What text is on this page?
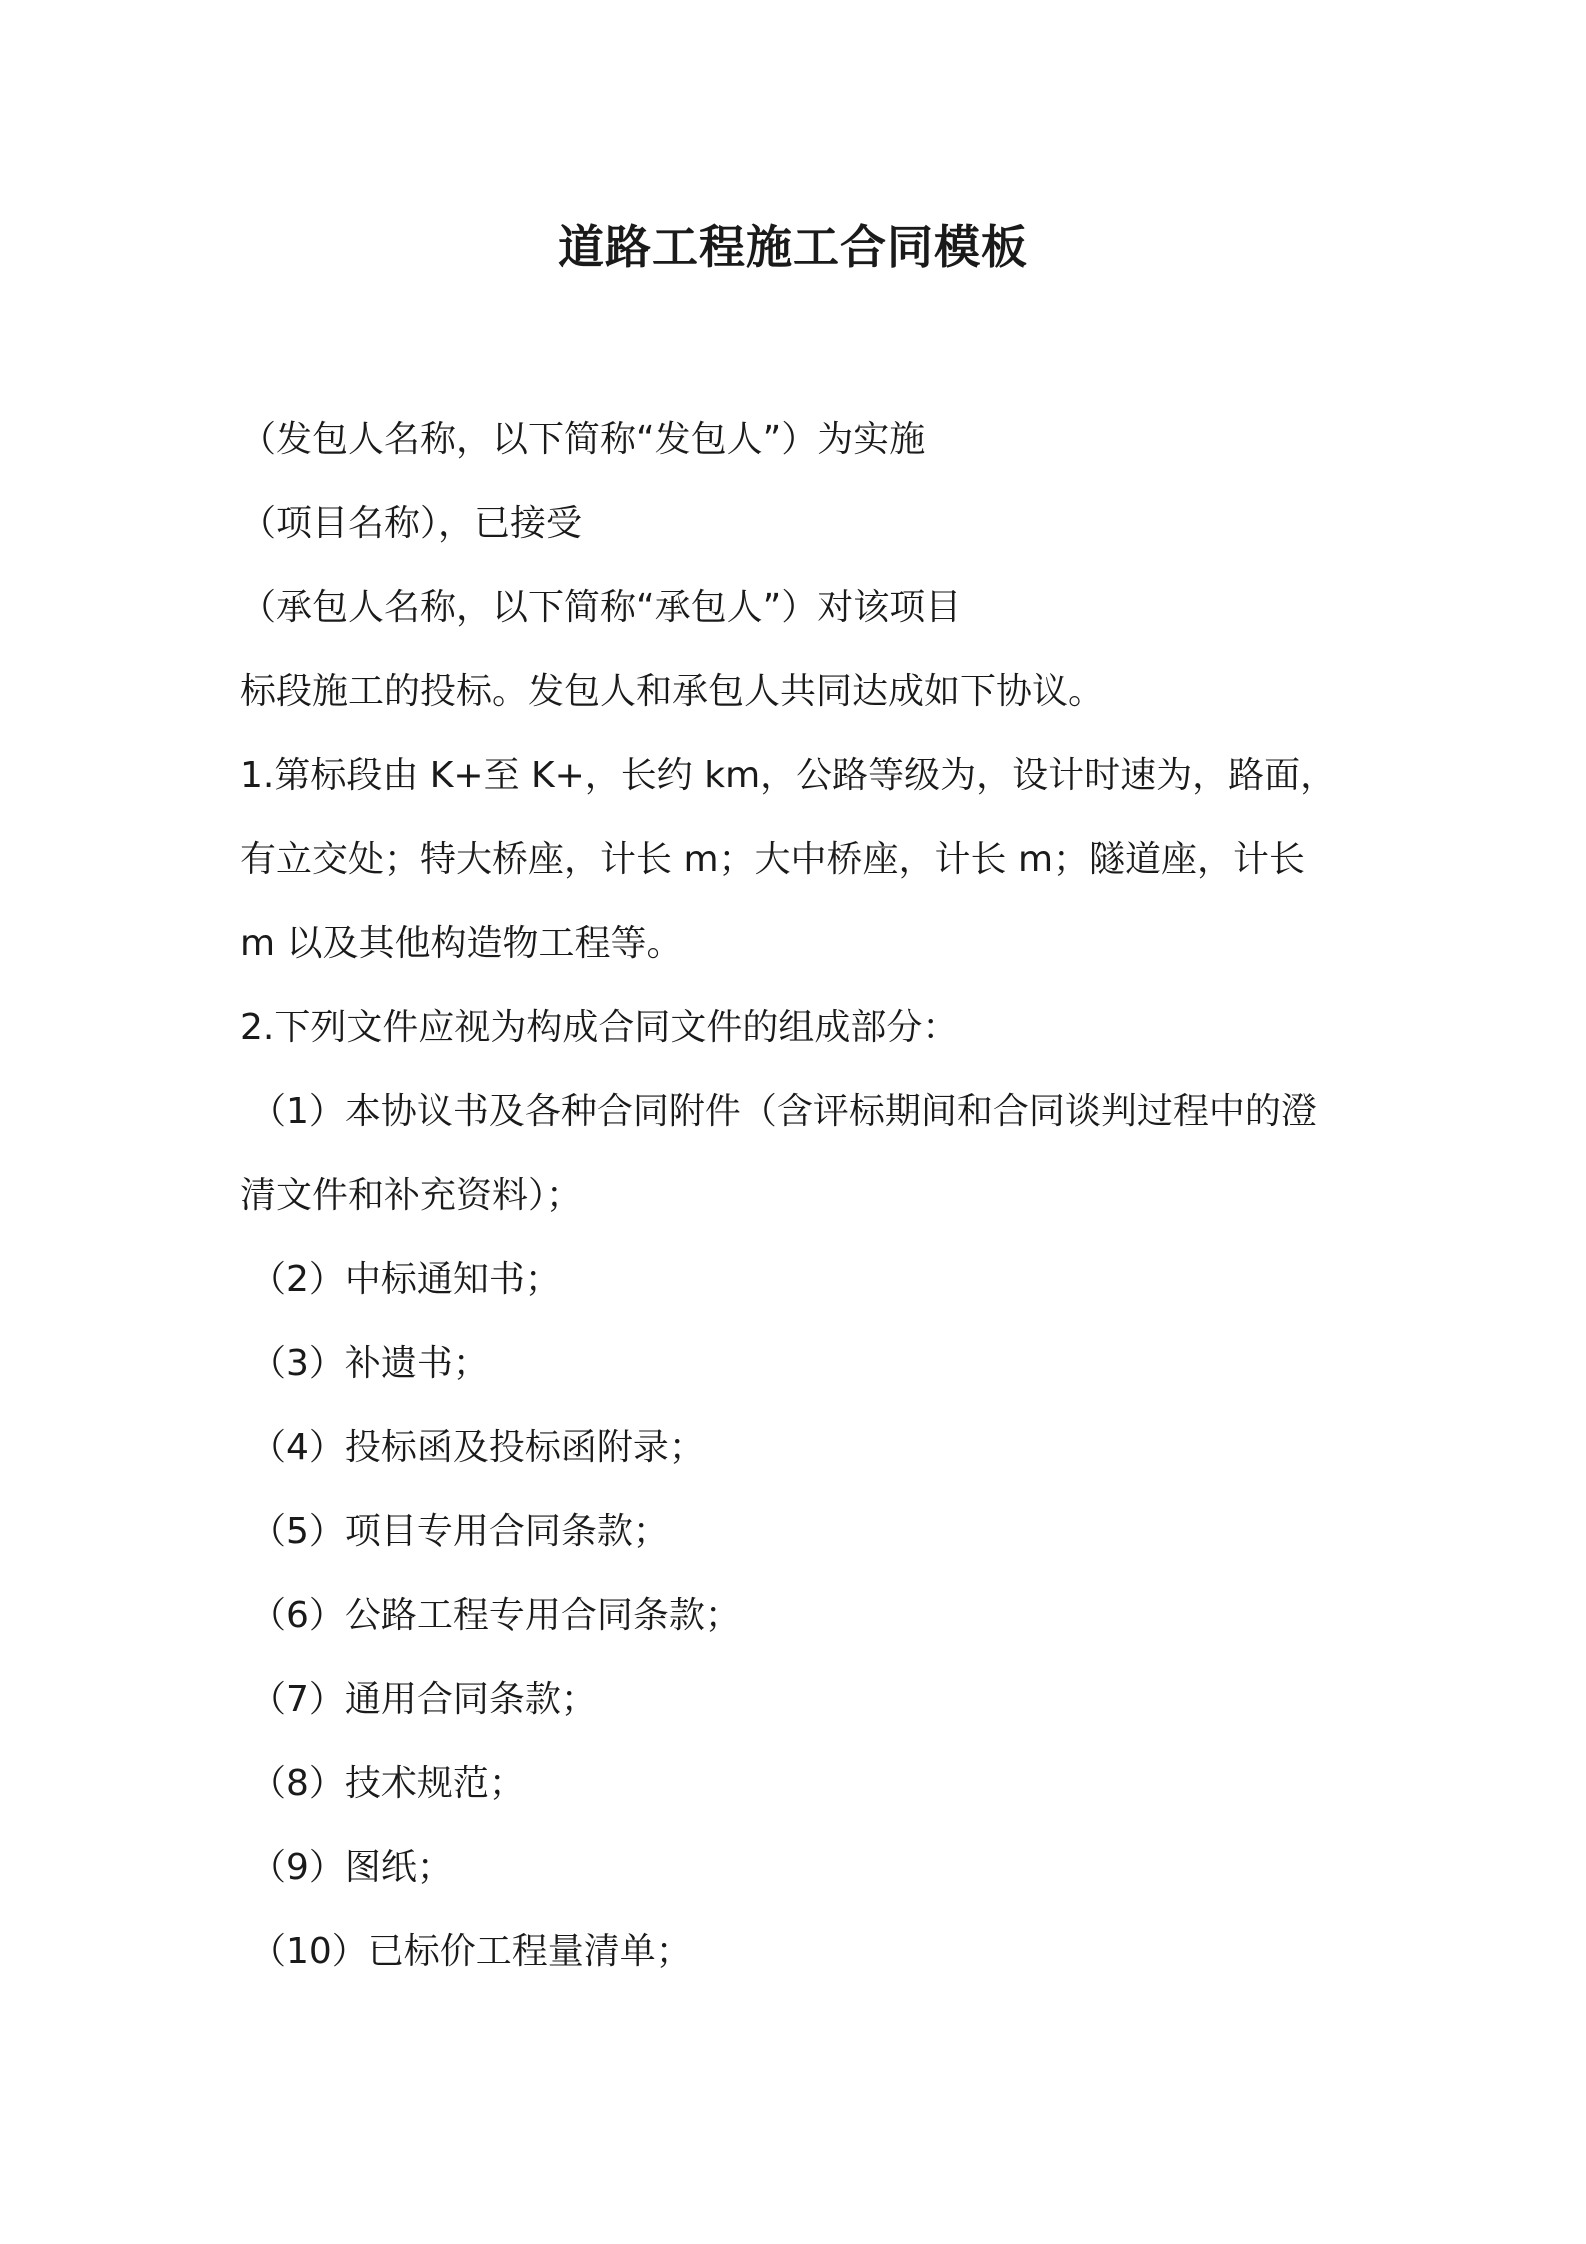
道路工程施工合同模板
（发包人名称，以下简称“发包人”）为实施
（项目名称），已接受
（承包人名称，以下简称“承包人”）对该项目
标段施工的投标。发包人和承包人共同达成如下协议。
1.第标段由 K+至 K+，长约 km，公路等级为，设计时速为，路面，
有立交处；特大桥座，计长 m；大中桥座，计长 m；隧道座，计长
m 以及其他构造物工程等。
2.下列文件应视为构成合同文件的组成部分：
（1）本协议书及各种合同附件（含评标期间和合同谈判过程中的澄
清文件和补充资料）；
（2）中标通知书；
（3）补遗书；
（4）投标函及投标函附录；
（5）项目专用合同条款；
（6）公路工程专用合同条款；
（7）通用合同条款；
（8）技术规范；
（9）图纸；
（10）已标价工程量清单；
